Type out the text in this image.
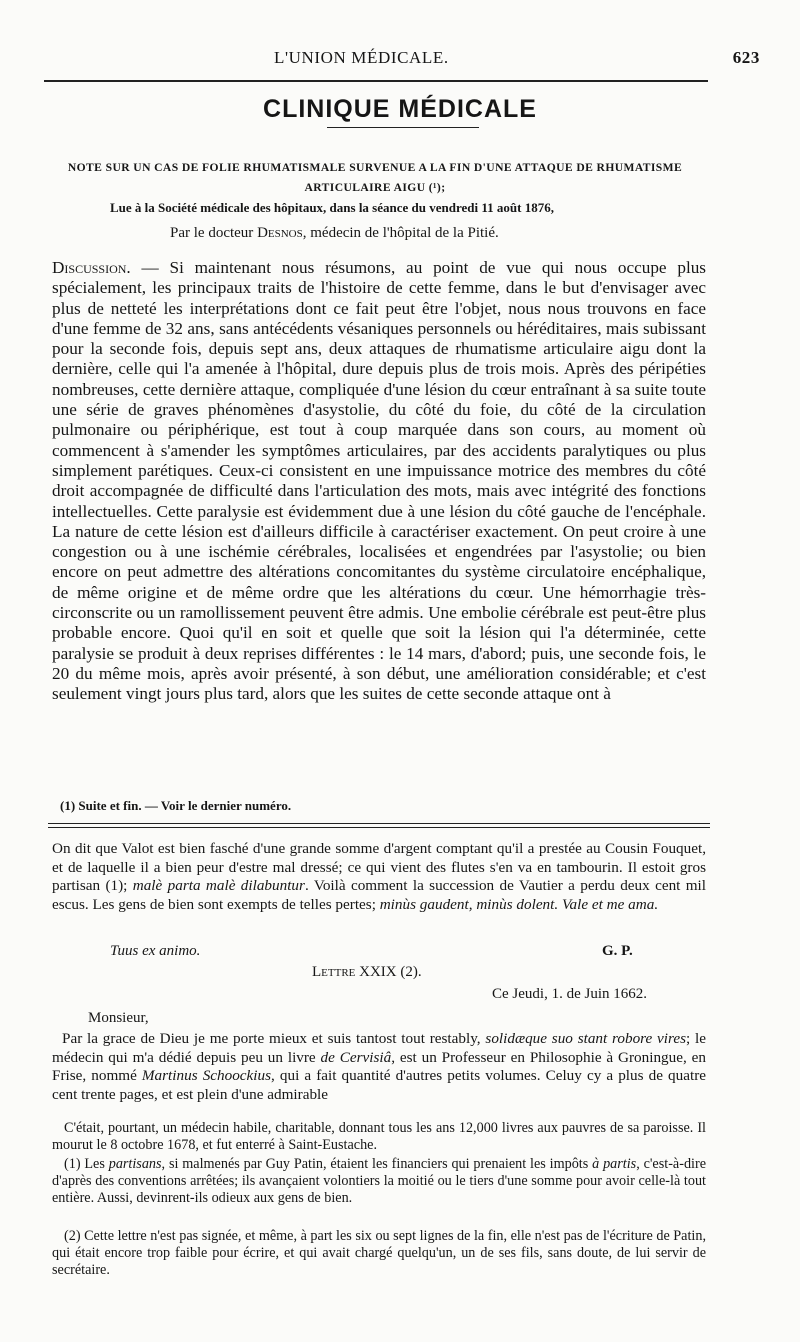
L'UNION MÉDICALE.	623
CLINIQUE MÉDICALE
NOTE SUR UN CAS DE FOLIE RHUMATISMALE SURVENUE A LA FIN D'UNE ATTAQUE DE RHUMATISME ARTICULAIRE AIGU (¹);
Lue à la Société médicale des hôpitaux, dans la séance du vendredi 11 août 1876,
Par le docteur Desnos, médecin de l'hôpital de la Pitié.

Discussion. — Si maintenant nous résumons, au point de vue qui nous occupe plus spécialement, les principaux traits de l'histoire de cette femme, dans le but d'envisager avec plus de netteté les interprétations dont ce fait peut être l'objet, nous nous trouvons en face d'une femme de 32 ans, sans antécédents vésaniques personnels ou héréditaires, mais subissant pour la seconde fois, depuis sept ans, deux attaques de rhumatisme articulaire aigu dont la dernière, celle qui l'a amenée à l'hôpital, dure depuis plus de trois mois. Après des péripéties nombreuses, cette dernière attaque, compliquée d'une lésion du cœur entraînant à sa suite toute une série de graves phénomènes d'asystolie, du côté du foie, du côté de la circulation pulmonaire ou périphérique, est tout à coup marquée dans son cours, au moment où commencent à s'amender les symptômes articulaires, par des accidents paralytiques ou plus simplement parétiques. Ceux-ci consistent en une impuissance motrice des membres du côté droit accompagnée de difficulté dans l'articulation des mots, mais avec intégrité des fonctions intellectuelles. Cette paralysie est évidemment due à une lésion du côté gauche de l'encéphale. La nature de cette lésion est d'ailleurs difficile à caractériser exactement. On peut croire à une congestion ou à une ischémie cérébrales, localisées et engendrées par l'asystolie; ou bien encore on peut admettre des altérations concomitantes du système circulatoire encéphalique, de même origine et de même ordre que les altérations du cœur. Une hémorrhagie très-circonscrite ou un ramollissement peuvent être admis. Une embolie cérébrale est peut-être plus probable encore. Quoi qu'il en soit et quelle que soit la lésion qui l'a déterminée, cette paralysie se produit à deux reprises différentes : le 14 mars, d'abord; puis, une seconde fois, le 20 du même mois, après avoir présenté, à son début, une amélioration considérable; et c'est seulement vingt jours plus tard, alors que les suites de cette seconde attaque ont à

(1) Suite et fin. — Voir le dernier numéro.

On dit que Valot est bien fasché d'une grande somme d'argent comptant qu'il a prestée au Cousin Fouquet, et de laquelle il a bien peur d'estre mal dressé; ce qui vient des flutes s'en va en tambourin. Il estoit gros partisan (1); malè parta malè dilabuntur. Voilà comment la succession de Vautier a perdu deux cent mil escus. Les gens de bien sont exempts de telles pertes; minùs gaudent, minùs dolent. Vale et me ama.

Tuus ex animo.	G. P.
Lettre XXIX (2).
Ce Jeudi, 1. de Juin 1662.
Monsieur,

Par la grace de Dieu je me porte mieux et suis tantost tout restably, solidæque suo stant robore vires; le médecin qui m'a dédié depuis peu un livre de Cervisiâ, est un Professeur en Philosophie à Groningue, en Frise, nommé Martinus Schoockius, qui a fait quantité d'autres petits volumes. Celuy cy a plus de quatre cent trente pages, et est plein d'une admirable

C'était, pourtant, un médecin habile, charitable, donnant tous les ans 12,000 livres aux pauvres de sa paroisse. Il mourut le 8 octobre 1678, et fut enterré à Saint-Eustache.

(1) Les partisans, si malmenés par Guy Patin, étaient les financiers qui prenaient les impôts à partis, c'est-à-dire d'après des conventions arrêtées; ils avançaient volontiers la moitié ou le tiers d'une somme pour avoir celle-là tout entière. Aussi, devinrent-ils odieux aux gens de bien.

(2) Cette lettre n'est pas signée, et même, à part les six ou sept lignes de la fin, elle n'est pas de l'écriture de Patin, qui était encore trop faible pour écrire, et qui avait chargé quelqu'un, un de ses fils, sans doute, de lui servir de secrétaire.
